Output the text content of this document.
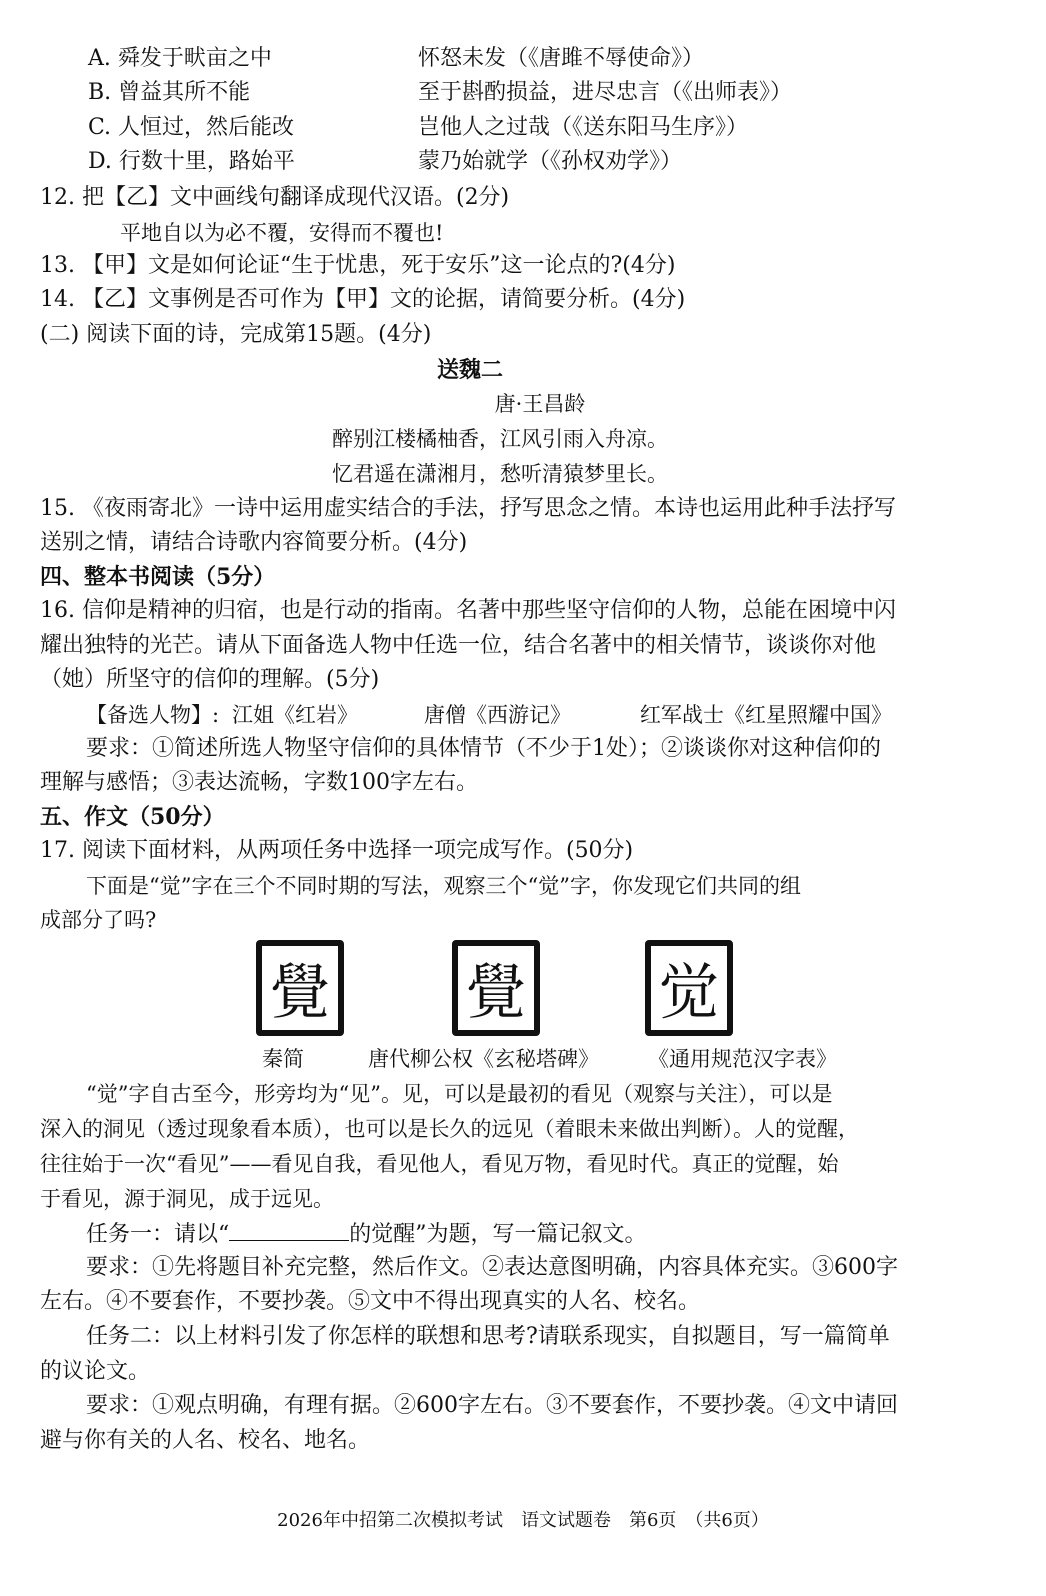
A. 舜发于畎亩之中	怀怒未发（《唐雎不辱使命》）
B. 曾益其所不能	至于斟酌损益，进尽忠言（《出师表》）
C. 人恒过，然后能改	岂他人之过哉（《送东阳马生序》）
D. 行数十里，路始平	蒙乃始就学（《孙权劝学》）
12. 把【乙】文中画线句翻译成现代汉语。(2分)
平地自以为必不覆，安得而不覆也!
13. 【甲】文是如何论证“生于忧患，死于安乐”这一论点的?(4分)
14. 【乙】文事例是否可作为【甲】文的论据，请简要分析。(4分)
(二) 阅读下面的诗，完成第15题。(4分)
送魏二
唐·王昌龄
醉别江楼橘柚香，江风引雨入舟凉。
忆君遥在潇湘月，愁听清猿梦里长。
15. 《夜雨寄北》一诗中运用虚实结合的手法，抒写思念之情。本诗也运用此种手法抒写
送别之情，请结合诗歌内容简要分析。(4分)
四、整本书阅读（5分）
16. 信仰是精神的归宿，也是行动的指南。名著中那些坚守信仰的人物，总能在困境中闪
耀出独特的光芒。请从下面备选人物中任选一位，结合名著中的相关情节，谈谈你对他
（她）所坚守的信仰的理解。(5分)
【备选人物】: 江姐《红岩》	唐僧《西游记》	红军战士《红星照耀中国》
要求：①简述所选人物坚守信仰的具体情节（不少于1处）；②谈谈你对这种信仰的
理解与感悟；③表达流畅，字数100字左右。
五、作文（50分）
17. 阅读下面材料，从两项任务中选择一项完成写作。(50分)
下面是“觉”字在三个不同时期的写法，观察三个“觉”字，你发现它们共同的组
成部分了吗?
覺 覺 觉
秦简	唐代柳公权《玄秘塔碑》 《通用规范汉字表》
“觉”字自古至今，形旁均为“见”。见，可以是最初的看见（观察与关注），可以是
深入的洞见（透过现象看本质），也可以是长久的远见（着眼未来做出判断）。人的觉醒，
往往始于一次“看见”——看见自我，看见他人，看见万物，看见时代。真正的觉醒，始
于看见，源于洞见，成于远见。
任务一：请以“	的觉醒”为题，写一篇记叙文。
要求：①先将题目补充完整，然后作文。②表达意图明确，内容具体充实。③600字
左右。④不要套作，不要抄袭。⑤文中不得出现真实的人名、校名。
任务二：以上材料引发了你怎样的联想和思考?请联系现实，自拟题目，写一篇简单
的议论文。
要求：①观点明确，有理有据。②600字左右。③不要套作，不要抄袭。④文中请回
避与你有关的人名、校名、地名。
2026年中招第二次模拟考试　语文试题卷　第6页　（共6页）
